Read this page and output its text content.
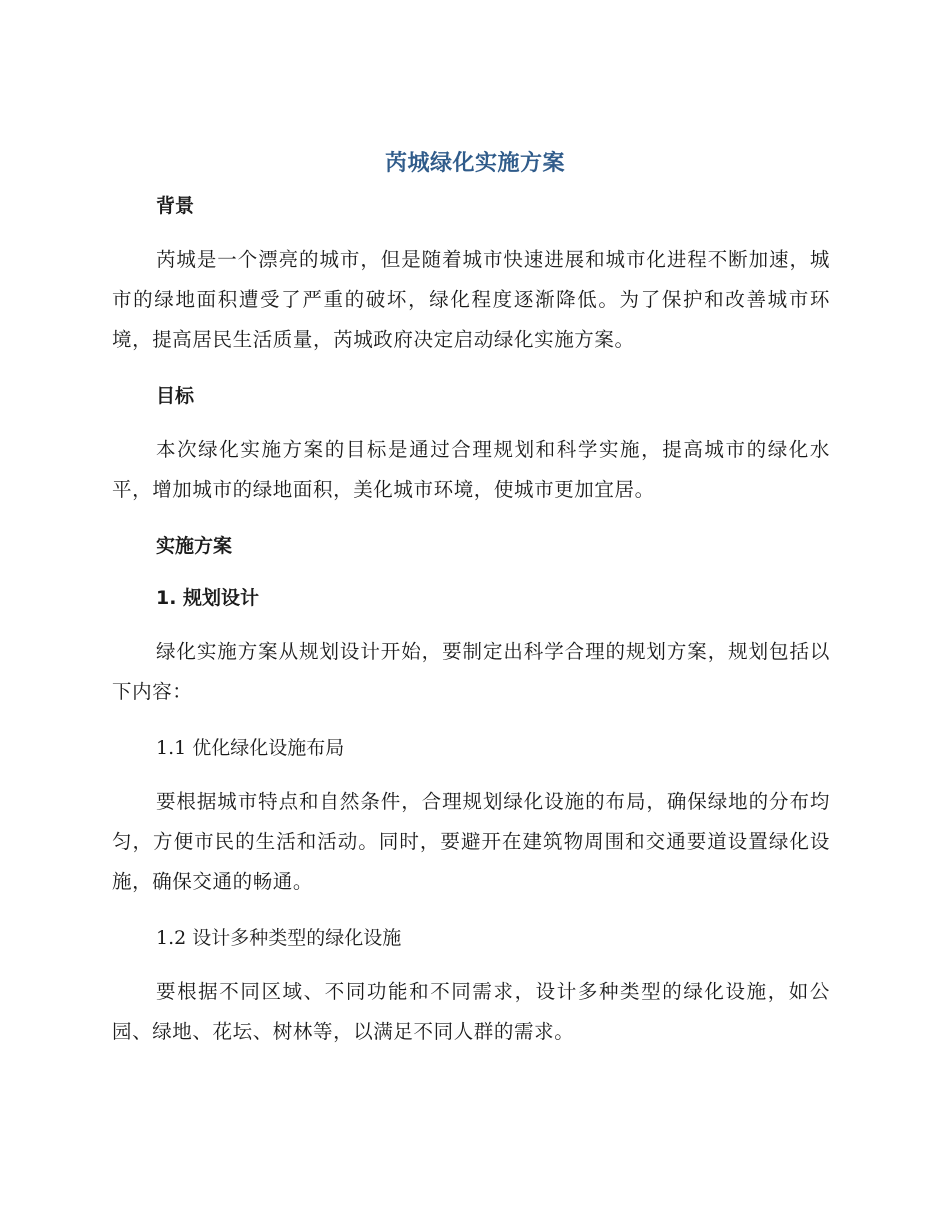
芮城绿化实施方案

背景

芮城是一个漂亮的城市，但是随着城市快速进展和城市化进程不断加速，城市的绿地面积遭受了严重的破坏，绿化程度逐渐降低。为了保护和改善城市环境，提高居民生活质量，芮城政府决定启动绿化实施方案。

目标

本次绿化实施方案的目标是通过合理规划和科学实施，提高城市的绿化水平，增加城市的绿地面积，美化城市环境，使城市更加宜居。

实施方案

1. 规划设计

绿化实施方案从规划设计开始，要制定出科学合理的规划方案，规划包括以下内容：

1.1 优化绿化设施布局

要根据城市特点和自然条件，合理规划绿化设施的布局，确保绿地的分布均匀，方便市民的生活和活动。同时，要避开在建筑物周围和交通要道设置绿化设施，确保交通的畅通。

1.2 设计多种类型的绿化设施

要根据不同区域、不同功能和不同需求，设计多种类型的绿化设施，如公园、绿地、花坛、树林等，以满足不同人群的需求。
